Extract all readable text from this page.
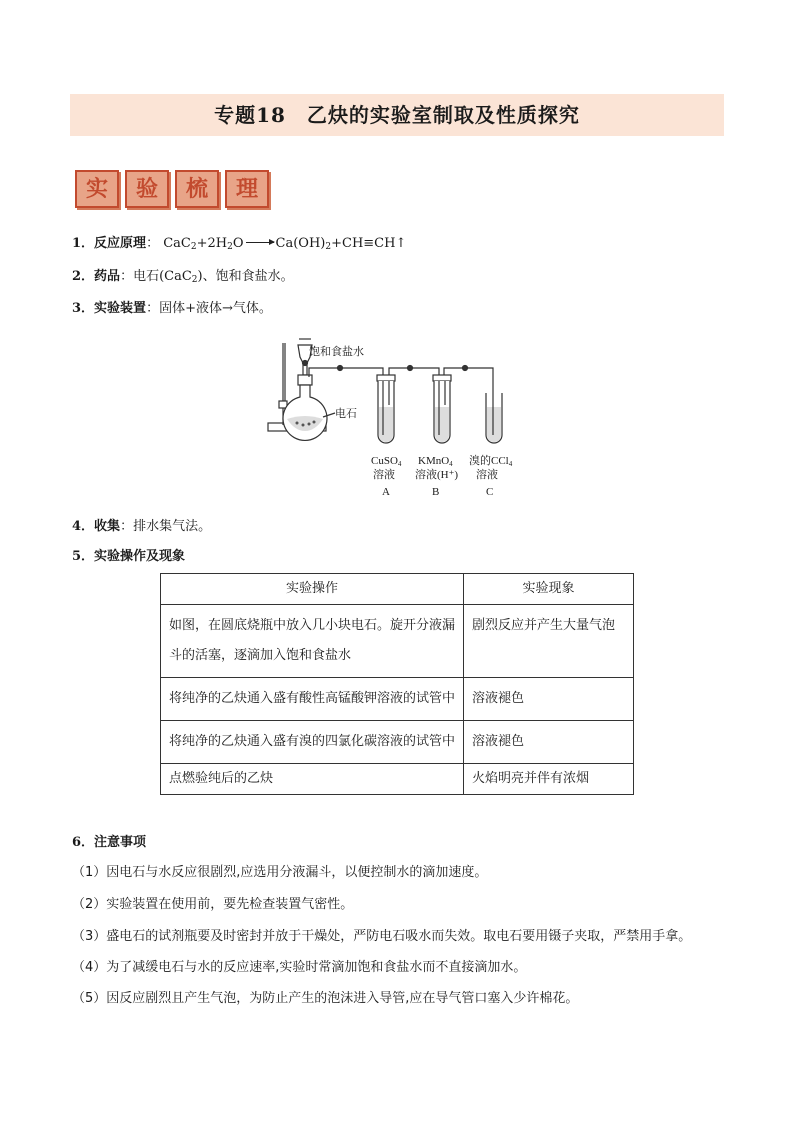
专题18　乙炔的实验室制取及性质探究
实	验	梳	理
1．反应原理： $CaC_2+2H_2O$ $Ca(OH)_2+CH\equiv CH↑$
2．药品：电石(CaC$_2$)、饱和食盐水。
3．实验装置：固体+液体→气体。
饱和食盐水
电石
CuSO4
溶液
A
KMnO4
溶液(H⁺)
B
溴的CCl4
溶液
C
4．收集：排水集气法。
5．实验操作及现象
实验操作	实验现象
如图，在圆底烧瓶中放入几小块电石。旋开分液漏斗的活塞，逐滴加入饱和食盐水	剧烈反应并产生大量气泡
将纯净的乙炔通入盛有酸性高锰酸钾溶液的试管中	溶液褪色
将纯净的乙炔通入盛有溴的四氯化碳溶液的试管中	溶液褪色
点燃验纯后的乙炔	火焰明亮并伴有浓烟
6．注意事项
（1）因电石与水反应很剧烈,应选用分液漏斗，以便控制水的滴加速度。
（2）实验装置在使用前，要先检查装置气密性。
（3）盛电石的试剂瓶要及时密封并放于干燥处，严防电石吸水而失效。取电石要用镊子夹取，严禁用手拿。
（4）为了减缓电石与水的反应速率,实验时常滴加饱和食盐水而不直接滴加水。
（5）因反应剧烈且产生气泡，为防止产生的泡沫进入导管,应在导气管口塞入少许棉花。
